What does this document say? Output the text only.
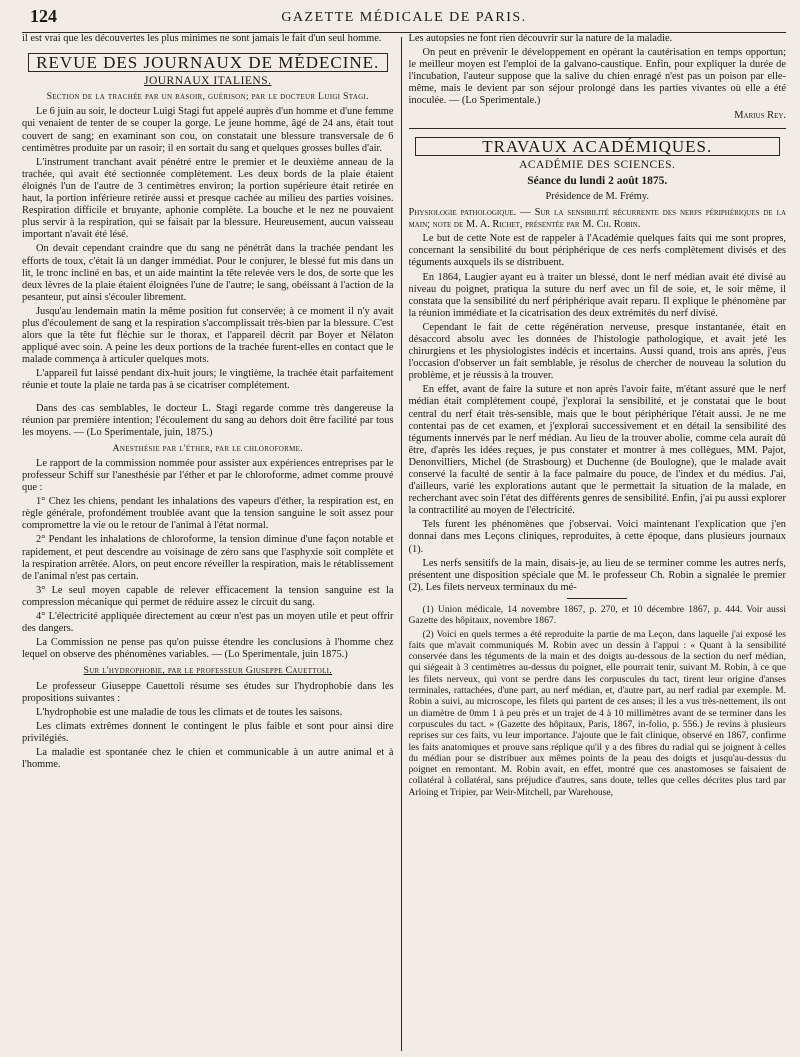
124	GAZETTE MÉDICALE DE PARIS.

il est vrai que les découvertes les plus minimes ne sont jamais le fait d'un seul homme.

REVUE DES JOURNAUX DE MÉDECINE.
JOURNAUX ITALIENS.
Section de la trachée par un rasoir, guérison; par le docteur Luigi Stagi.

Le 6 juin au soir, le docteur Luigi Stagi fut appelé auprès d'un homme et d'une femme qui venaient de tenter de se couper la gorge. Le jeune homme, âgé de 24 ans, était tout couvert de sang; en examinant son cou, on constatait une blessure transversale de 6 centimètres produite par un rasoir; il en sortait du sang et quelques grosses bulles d'air.

L'instrument tranchant avait pénétré entre le premier et le deuxième anneau de la trachée, qui avait été sectionnée complètement. Les deux bords de la plaie étaient éloignés l'un de l'autre de 3 centimètres environ; la portion supérieure était retirée en haut, la portion inférieure retirée aussi et presque cachée au milieu des parties voisines. Respiration difficile et bruyante, aphonie complète. La bouche et le nez ne pouvaient plus servir à la respiration, qui se faisait par la blessure. Heureusement, aucun vaisseau important n'avait été lésé.

On devait cependant craindre que du sang ne pénétrât dans la trachée pendant les efforts de toux, c'était là un danger immédiat. Pour le conjurer, le blessé fut mis dans un lit, le tronc incliné en bas, et un aide maintint la tête relevée vers le dos, de sorte que les deux lèvres de la plaie étaient éloignées l'une de l'autre; le sang, obéissant à l'action de la pesanteur, put ainsi s'écouler librement.

Jusqu'au lendemain matin la même position fut conservée; à ce moment il n'y avait plus d'écoulement de sang et la respiration s'accomplissait très-bien par la blessure. C'est alors que la tête fut fléchie sur le thorax, et l'appareil décrit par Boyer et Nélaton appliqué avec soin. A peine les deux portions de la trachée furent-elles en contact que le malade commença à articuler quelques mots.

L'appareil fut laissé pendant dix-huit jours; le vingtième, la trachée était parfaitement réunie et toute la plaie ne tarda pas à se cicatriser complétement.

Dans des cas semblables, le docteur L. Stagi regarde comme très dangereuse la réunion par première intention; l'écoulement du sang au dehors doit être facilité par tous les moyens. — (Lo Sperimentale, juin, 1875.)

Anesthésie par l'éther, par le chloroforme.

Le rapport de la commission nommée pour assister aux expériences entreprises par le professeur Schiff sur l'anesthésie par l'éther et par le chloroforme, admet comme prouvé que :

1° Chez les chiens, pendant les inhalations des vapeurs d'éther, la respiration est, en règle générale, profondément troublée avant que la tension sanguine le soit assez pour compromettre la vie ou le retour de l'animal à l'état normal.

2° Pendant les inhalations de chloroforme, la tension diminue d'une façon notable et rapidement, et peut descendre au voisinage de zéro sans que l'asphyxie soit complète et la respiration arrêtée. Alors, on peut encore réveiller la respiration, mais le rétablissement de l'animal n'est pas certain.

3° Le seul moyen capable de relever efficacement la tension sanguine est la compression mécanique qui permet de réduire assez le circuit du sang.

4° L'électricité appliquée directement au cœur n'est pas un moyen utile et peut offrir des dangers.

La Commission ne pense pas qu'on puisse étendre les conclusions à l'homme chez lequel on observe des phénomènes variables. — (Lo Sperimentale, juin 1875.)

Sur l'hydrophobie, par le professeur Giuseppe Cauettoli.

Le professeur Giuseppe Cauettoli résume ses études sur l'hydrophobie dans les propositions suivantes :

L'hydrophobie est une maladie de tous les climats et de toutes les saisons.

Les climats extrêmes donnent le contingent le plus faible et sont pour ainsi dire privilégiés.

La maladie est spontanée chez le chien et communicable à un autre animal et à l'homme.

Les autopsies ne font rien découvrir sur la nature de la maladie.

On peut en prévenir le développement en opérant la cautérisation en temps opportun; le meilleur moyen est l'emploi de la galvano-caustique. Enfin, pour expliquer la durée de l'incubation, l'auteur suppose que la salive du chien enragé n'est pas un poison par elle-même, mais le devient par son séjour prolongé dans les parties vivantes où elle a été inoculée. — (Lo Sperimentale.)

Marius Rey.
TRAVAUX ACADÉMIQUES.
ACADÉMIE DES SCIENCES.
Séance du lundi 2 août 1875.
Présidence de M. Frémy.

Physiologie pathologique. — Sur la sensibilité récurrente des nerfs périphériques de la main; note de M. A. Richet, présentée par M. Ch. Robin.

Le but de cette Note est de rappeler à l'Académie quelques faits qui me sont propres, concernant la sensibilité du bout périphérique de ces nerfs complètement divisés et des téguments auxquels ils se distribuent.

En 1864, Laugier ayant eu à traiter un blessé, dont le nerf médian avait été divisé au niveau du poignet, pratiqua la suture du nerf avec un fil de soie, et, le soir même, il constata que la sensibilité du nerf périphérique avait reparu. Il explique le phénomène par la réunion immédiate et la cicatrisation des deux extrémités du nerf divisé.

Cependant le fait de cette régénération nerveuse, presque instantanée, était en désaccord absolu avec les données de l'histologie pathologique, et avait jeté les chirurgiens et les physiologistes indécis et incertains. Aussi quand, trois ans après, j'eus l'occasion d'observer un fait semblable, je résolus de chercher de nouveau la solution du problème, et je réussis à la trouver.

En effet, avant de faire la suture et non après l'avoir faite, m'étant assuré que le nerf médian était complétement coupé, j'explorai la sensibilité, et je constatai que le bout central du nerf était très-sensible, mais que le bout périphérique l'était aussi. Je ne me contentai pas de cet examen, et j'explorai successivement et en détail la sensibilité des téguments innervés par le nerf médian. Au lieu de la trouver abolie, comme cela aurait dû être, d'après les idées reçues, je pus constater et montrer à mes collègues, MM. Pajot, Denonvilliers, Michel (de Strasbourg) et Duchenne (de Boulogne), que le malade avait conservé la faculté de sentir à la face palmaire du pouce, de l'index et du médius. J'ai, d'ailleurs, varié les explorations autant que le permettait la situation de la malade, en recherchant avec soin l'état des différents genres de sensibilité. Enfin, j'ai pu aussi explorer la contractilité au moyen de l'électricité.

Tels furent les phénomènes que j'observai. Voici maintenant l'explication que j'en donnai dans mes Leçons cliniques, reproduites, à cette époque, dans plusieurs journaux (1).

Les nerfs sensitifs de la main, disais-je, au lieu de se terminer comme les autres nerfs, présentent une disposition spéciale que M. le professeur Ch. Robin a signalée le premier (2). Les filets nerveux terminaux du mé-

(1) Union médicale, 14 novembre 1867, p. 270, et 10 décembre 1867, p. 444. Voir aussi Gazette des hôpitaux, novembre 1867.

(2) Voici en quels termes a été reproduite la partie de ma Leçon, dans laquelle j'ai exposé les faits que m'avait communiqués M. Robin avec un dessin à l'appui : « Quant à la sensibilité conservée dans les téguments de la main et des doigts au-dessous de la section du nerf médian, qui siégeait à 3 centimètres au-dessus du poignet, elle pourrait tenir, suivant M. Robin, à ce que les filets nerveux, qui vont se perdre dans les corpuscules du tact, tirent leur origine d'anses terminales, rattachées, d'une part, au nerf médian, et, d'autre part, au nerf radial par exemple. M. Robin a suivi, au microscope, les filets qui partent de ces anses; il les a vus très-nettement, ils ont un diamètre de 0mm 1 à peu près et un trajet de 4 à 10 millimètres avant de se terminer dans les corpuscules du tact. » (Gazette des hôpitaux, Paris, 1867, in-folio, p. 556.) Je revins à plusieurs reprises sur ces faits, vu leur importance. J'ajoute que le fait clinique, observé en 1867, confirme les faits anatomiques et prouve sans réplique qu'il y a des fibres du radial qui se joignent à celles du médian pour se distribuer aux mêmes points de la peau des doigts et jusqu'au-dessus du poignet en remontant. M. Robin avait, en effet, montré que ces anastomoses se faisaient de collatéral à collatéral, sans préjudice d'autres, sans doute, telles que celles décrites plus tard par Arloing et Tripier, par Weir-Mitchell, par Warehouse,
